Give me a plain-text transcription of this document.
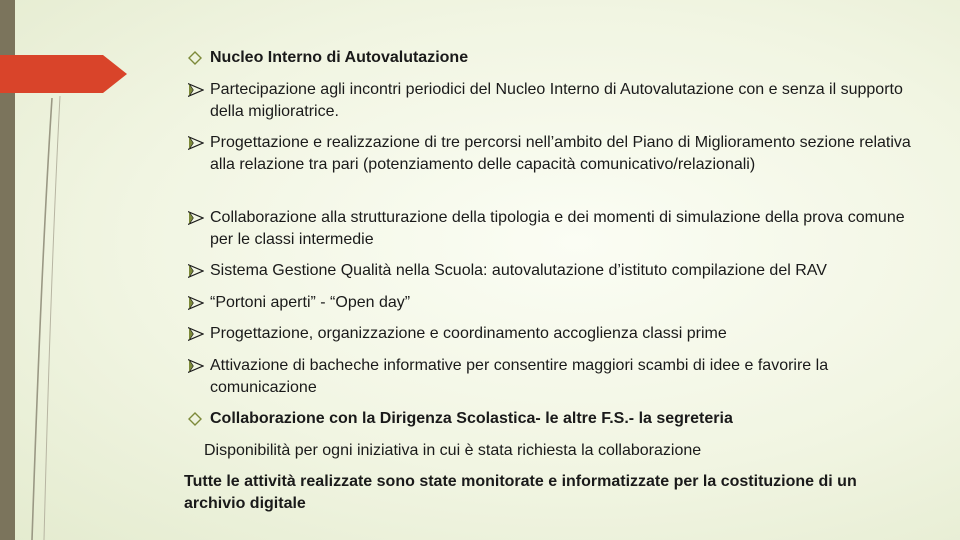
Nucleo Interno di Autovalutazione
Partecipazione agli incontri periodici del Nucleo Interno di Autovalutazione con e senza il supporto della miglioratrice.
Progettazione e realizzazione di tre percorsi nell’ambito del Piano di Miglioramento sezione relativa alla relazione tra pari (potenziamento delle capacità comunicativo/relazionali)
Collaborazione alla strutturazione della tipologia e dei momenti di simulazione della prova comune per le classi intermedie
Sistema Gestione Qualità nella Scuola: autovalutazione d’istituto compilazione del RAV
“Portoni aperti” - “Open day”
Progettazione, organizzazione e coordinamento accoglienza classi prime
Attivazione di bacheche informative per consentire maggiori scambi di idee e favorire la comunicazione
Collaborazione con la Dirigenza Scolastica- le altre F.S.- la segreteria
Disponibilità per ogni iniziativa in cui è stata richiesta la collaborazione
Tutte le attività realizzate sono state monitorate e informatizzate per la costituzione di un archivio digitale
